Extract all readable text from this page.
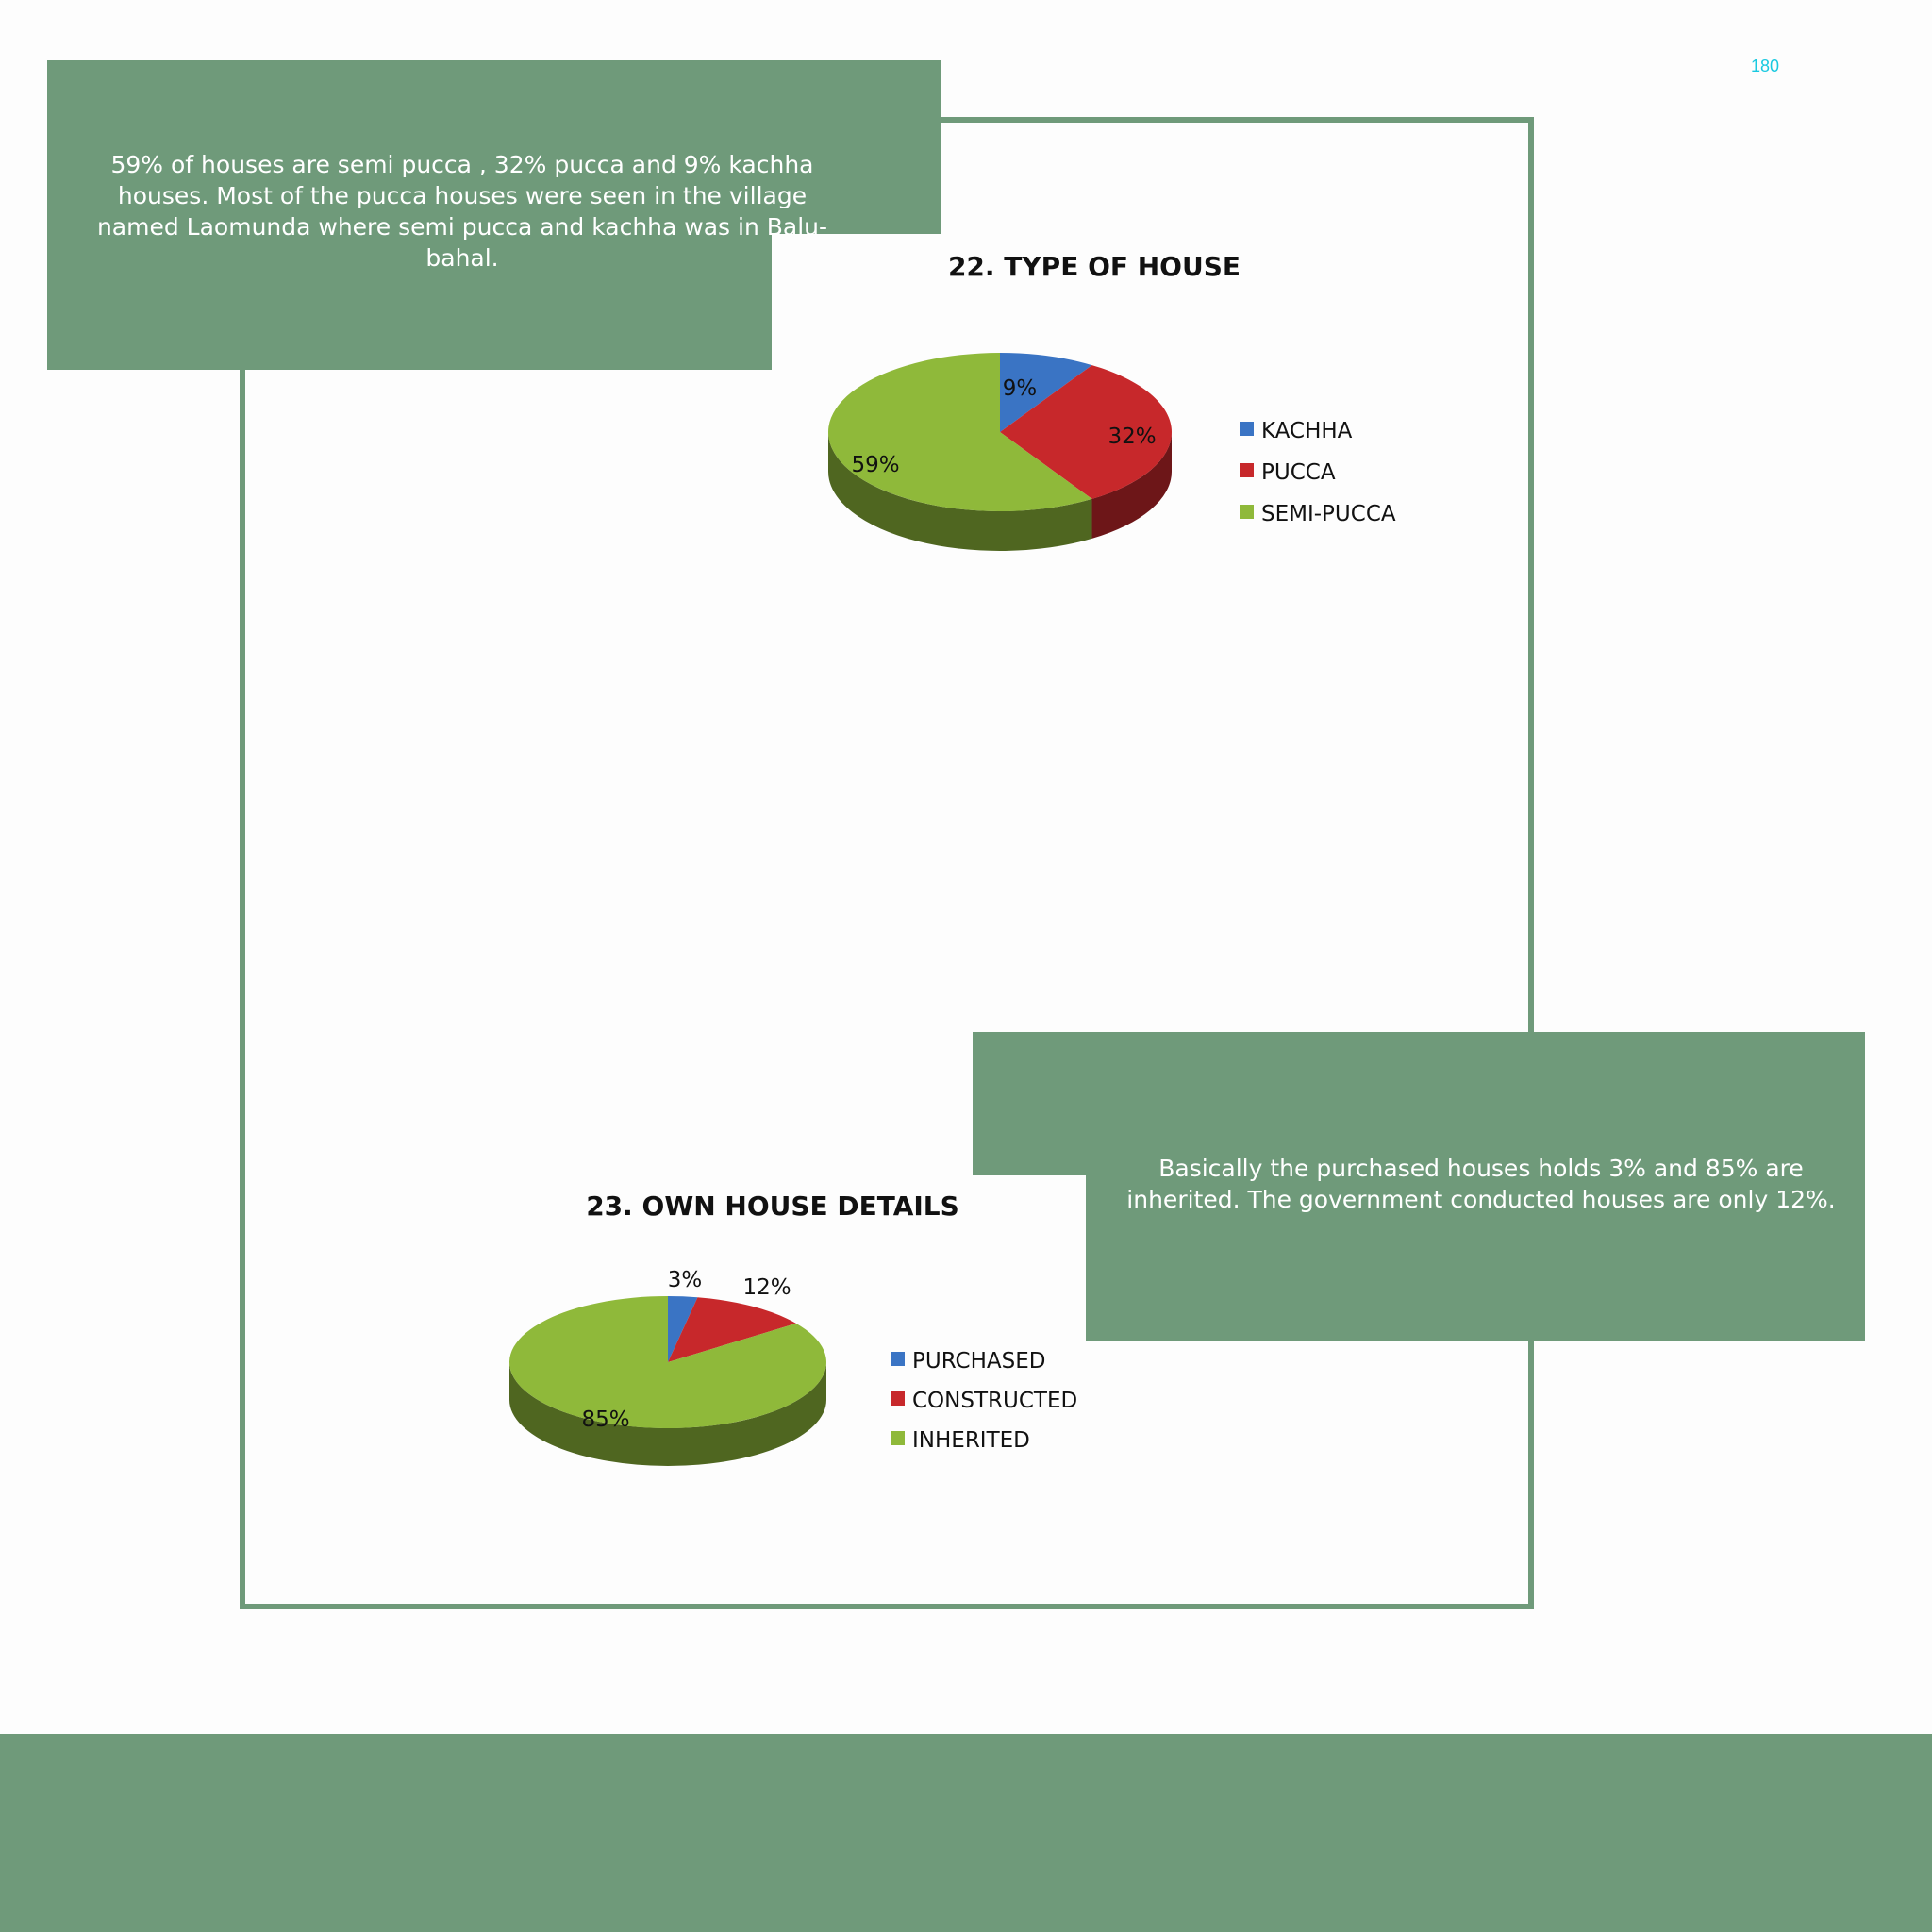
180
59% of houses are semi pucca , 32% pucca and 9% kachha houses. Most of the pucca houses were seen in the village named Laomunda where semi pucca and kachha was in Balu-bahal.
Basically the purchased houses holds 3% and 85% are inherited. The government conducted houses are only 12%.
22. TYPE OF HOUSE
9%
32%
59%
KACHHA
PUCCA
SEMI-PUCCA
23. OWN HOUSE DETAILS
3% 12%
85%
PURCHASED
CONSTRUCTED
INHERITED
